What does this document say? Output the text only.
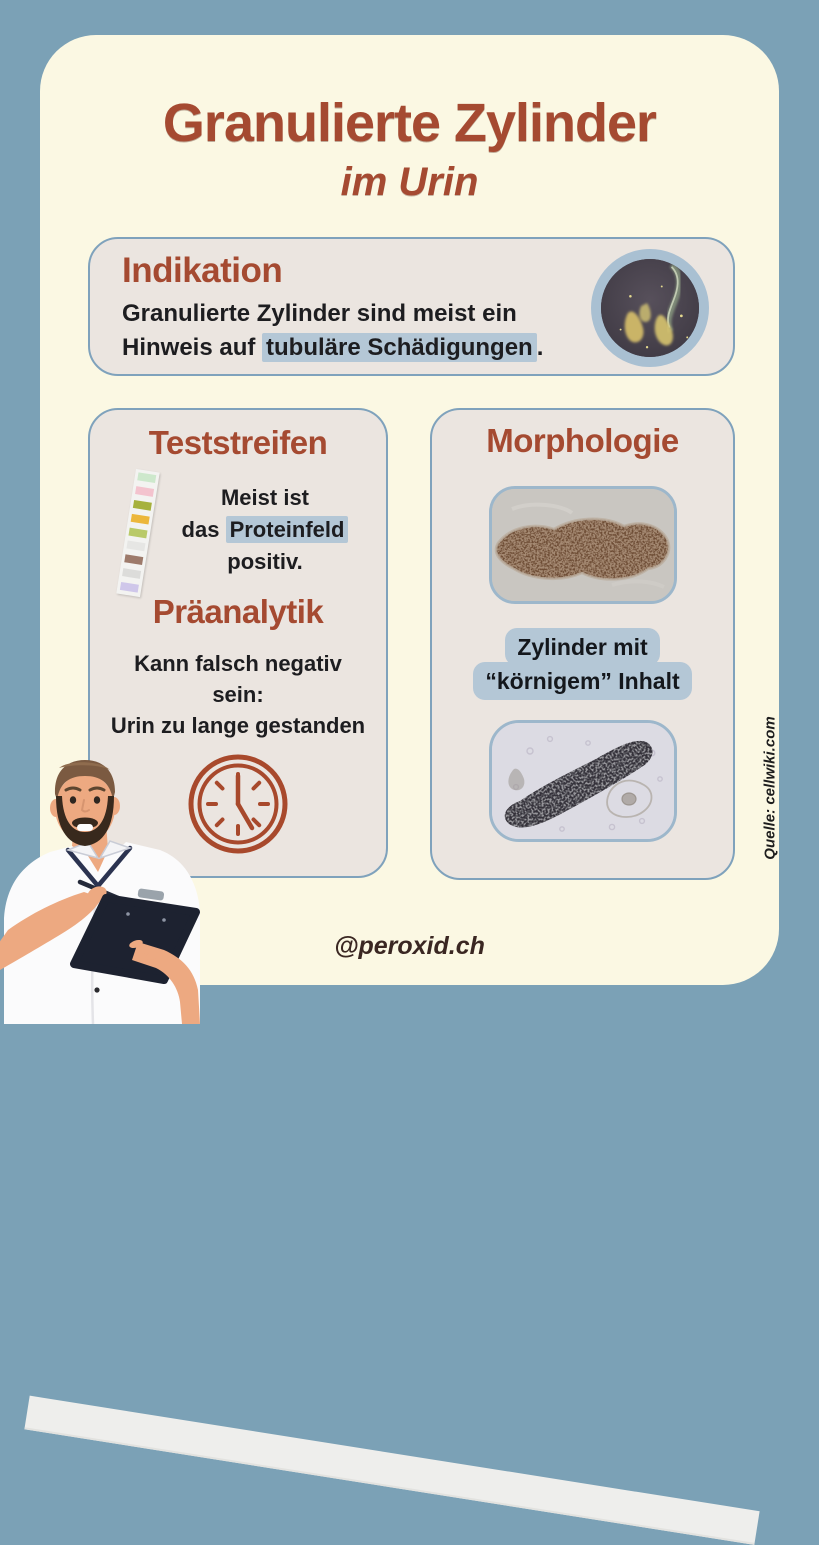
Granulierte Zylinder
im Urin
Indikation

Granulierte Zylinder sind meist ein
Hinweis auf tubuläre Schädigungen .

Teststreifen
Meist ist
das Proteinfeld
positiv.
Präanalytik
Kann falsch negativ
sein:
Urin zu lange gestanden
Morphologie
Zylinder mit
“körnigem” Inhalt
Quelle: cellwiki.com
@peroxid.ch
